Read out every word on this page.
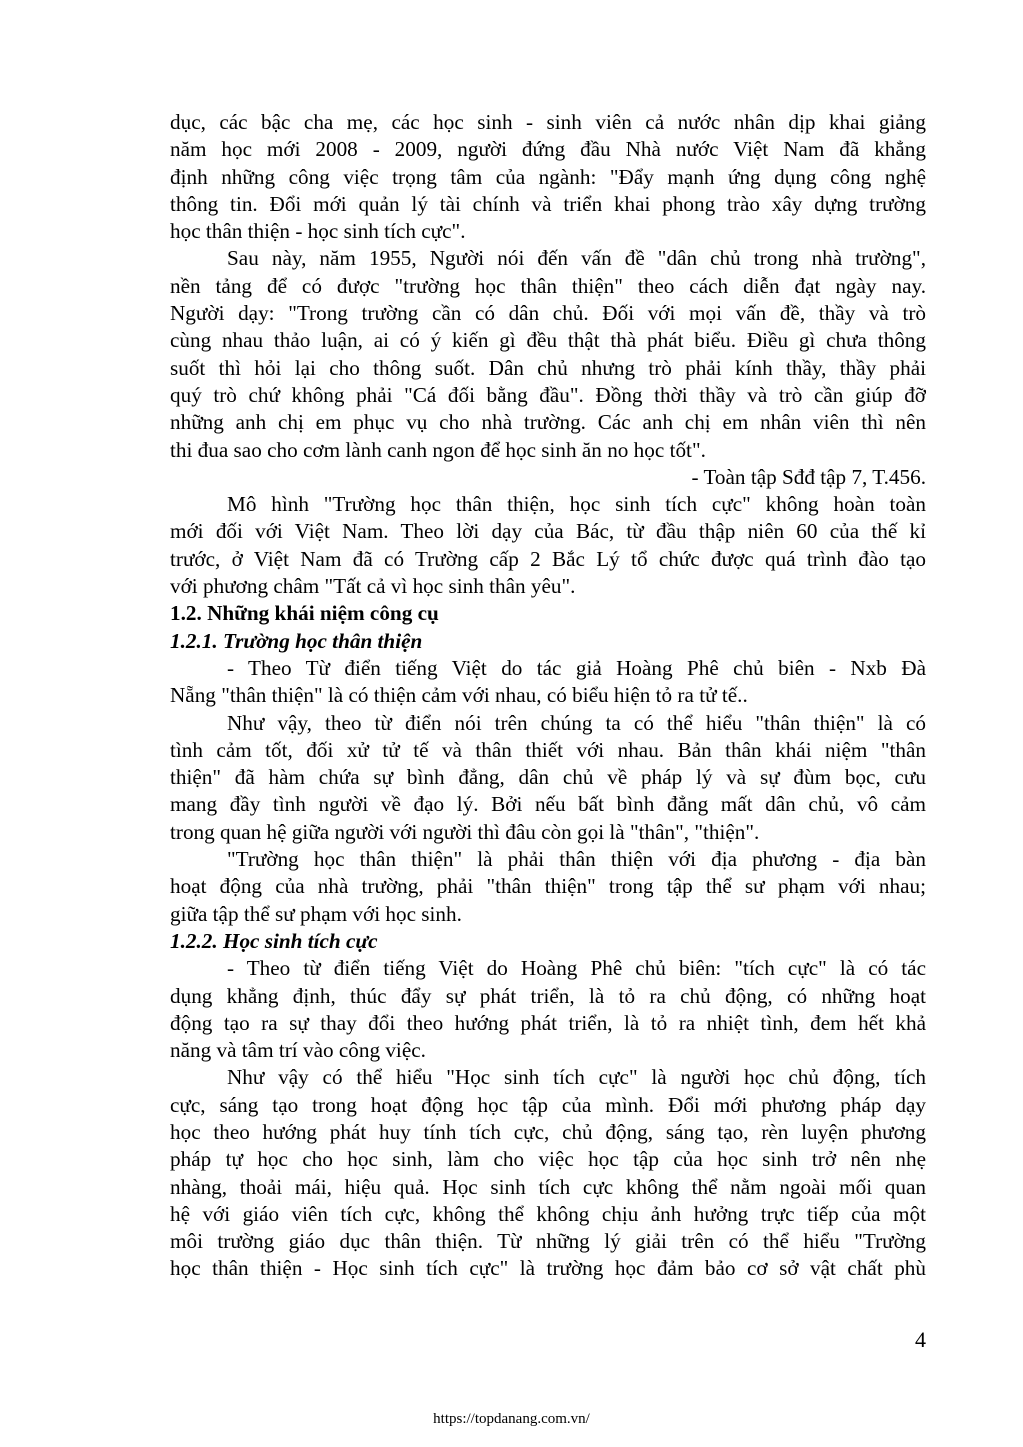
dục, các bậc cha mẹ, các học sinh - sinh viên cả nước nhân dịp khai giảng
năm học mới 2008 - 2009, người đứng đầu Nhà nước Việt Nam đã khẳng
định những công việc trọng tâm của ngành: "Đẩy mạnh ứng dụng công nghệ
thông tin. Đổi mới quản lý tài chính và triển khai phong trào xây dựng trường
học thân thiện - học sinh tích cực".
Sau này, năm 1955, Người nói đến vấn đề "dân chủ trong nhà trường",
nền tảng để có được "trường học thân thiện" theo cách diễn đạt ngày nay.
Người dạy: "Trong trường cần có dân chủ. Đối với mọi vấn đề, thầy và trò
cùng nhau thảo luận, ai có ý kiến gì đều thật thà phát biểu. Điều gì chưa thông
suốt thì hỏi lại cho thông suốt. Dân chủ nhưng trò phải kính thầy, thầy phải
quý trò chứ không phải "Cá đối bằng đầu". Đồng thời thầy và trò cần giúp đỡ
những anh chị em phục vụ cho nhà trường. Các anh chị em nhân viên thì nên
thi đua sao cho cơm lành canh ngon để học sinh ăn no học tốt".
- Toàn tập Sđđ tập 7, T.456.
Mô hình "Trường học thân thiện, học sinh tích cực" không hoàn toàn
mới đối với Việt Nam. Theo lời dạy của Bác, từ đầu thập niên 60 của thế kỉ
trước, ở Việt Nam đã có Trường cấp 2 Bắc Lý tổ chức được quá trình đào tạo
với phương châm "Tất cả vì học sinh thân yêu".
1.2. Những khái niệm công cụ
1.2.1. Trường học thân thiện
- Theo Từ điển tiếng Việt do tác giả Hoàng Phê chủ biên - Nxb Đà
Nẵng "thân thiện" là có thiện cảm với nhau, có biểu hiện tỏ ra tử tế..
Như vậy, theo từ điển nói trên chúng ta có thể hiểu "thân thiện" là có
tình cảm tốt, đối xử tử tế và thân thiết với nhau. Bản thân khái niệm "thân
thiện" đã hàm chứa sự bình đẳng, dân chủ về pháp lý và sự đùm bọc, cưu
mang đầy tình người về đạo lý. Bởi nếu bất bình đẳng mất dân chủ, vô cảm
trong quan hệ giữa người với người thì đâu còn gọi là "thân", "thiện".
"Trường học thân thiện" là phải thân thiện với địa phương - địa bàn
hoạt động của nhà trường, phải "thân thiện" trong tập thể sư phạm với nhau;
giữa tập thể sư phạm với học sinh.
1.2.2. Học sinh tích cực
- Theo từ điển tiếng Việt do Hoàng Phê chủ biên: "tích cực" là có tác
dụng khẳng định, thúc đẩy sự phát triển, là tỏ ra chủ động, có những hoạt
động tạo ra sự thay đổi theo hướng phát triển, là tỏ ra nhiệt tình, đem hết khả
năng và tâm trí vào công việc.
Như vậy có thể hiểu "Học sinh tích cực" là người học chủ động, tích
cực, sáng tạo trong hoạt động học tập của mình. Đổi mới phương pháp dạy
học theo hướng phát huy tính tích cực, chủ động, sáng tạo, rèn luyện phương
pháp tự học cho học sinh, làm cho việc học tập của học sinh trở nên nhẹ
nhàng, thoải mái, hiệu quả. Học sinh tích cực không thể nằm ngoài mối quan
hệ với giáo viên tích cực, không thể không chịu ảnh hưởng trực tiếp của một
môi trường giáo dục thân thiện. Từ những lý giải trên có thể hiểu "Trường
học thân thiện - Học sinh tích cực" là trường học đảm bảo cơ sở vật chất phù
4
https://topdanang.com.vn/
